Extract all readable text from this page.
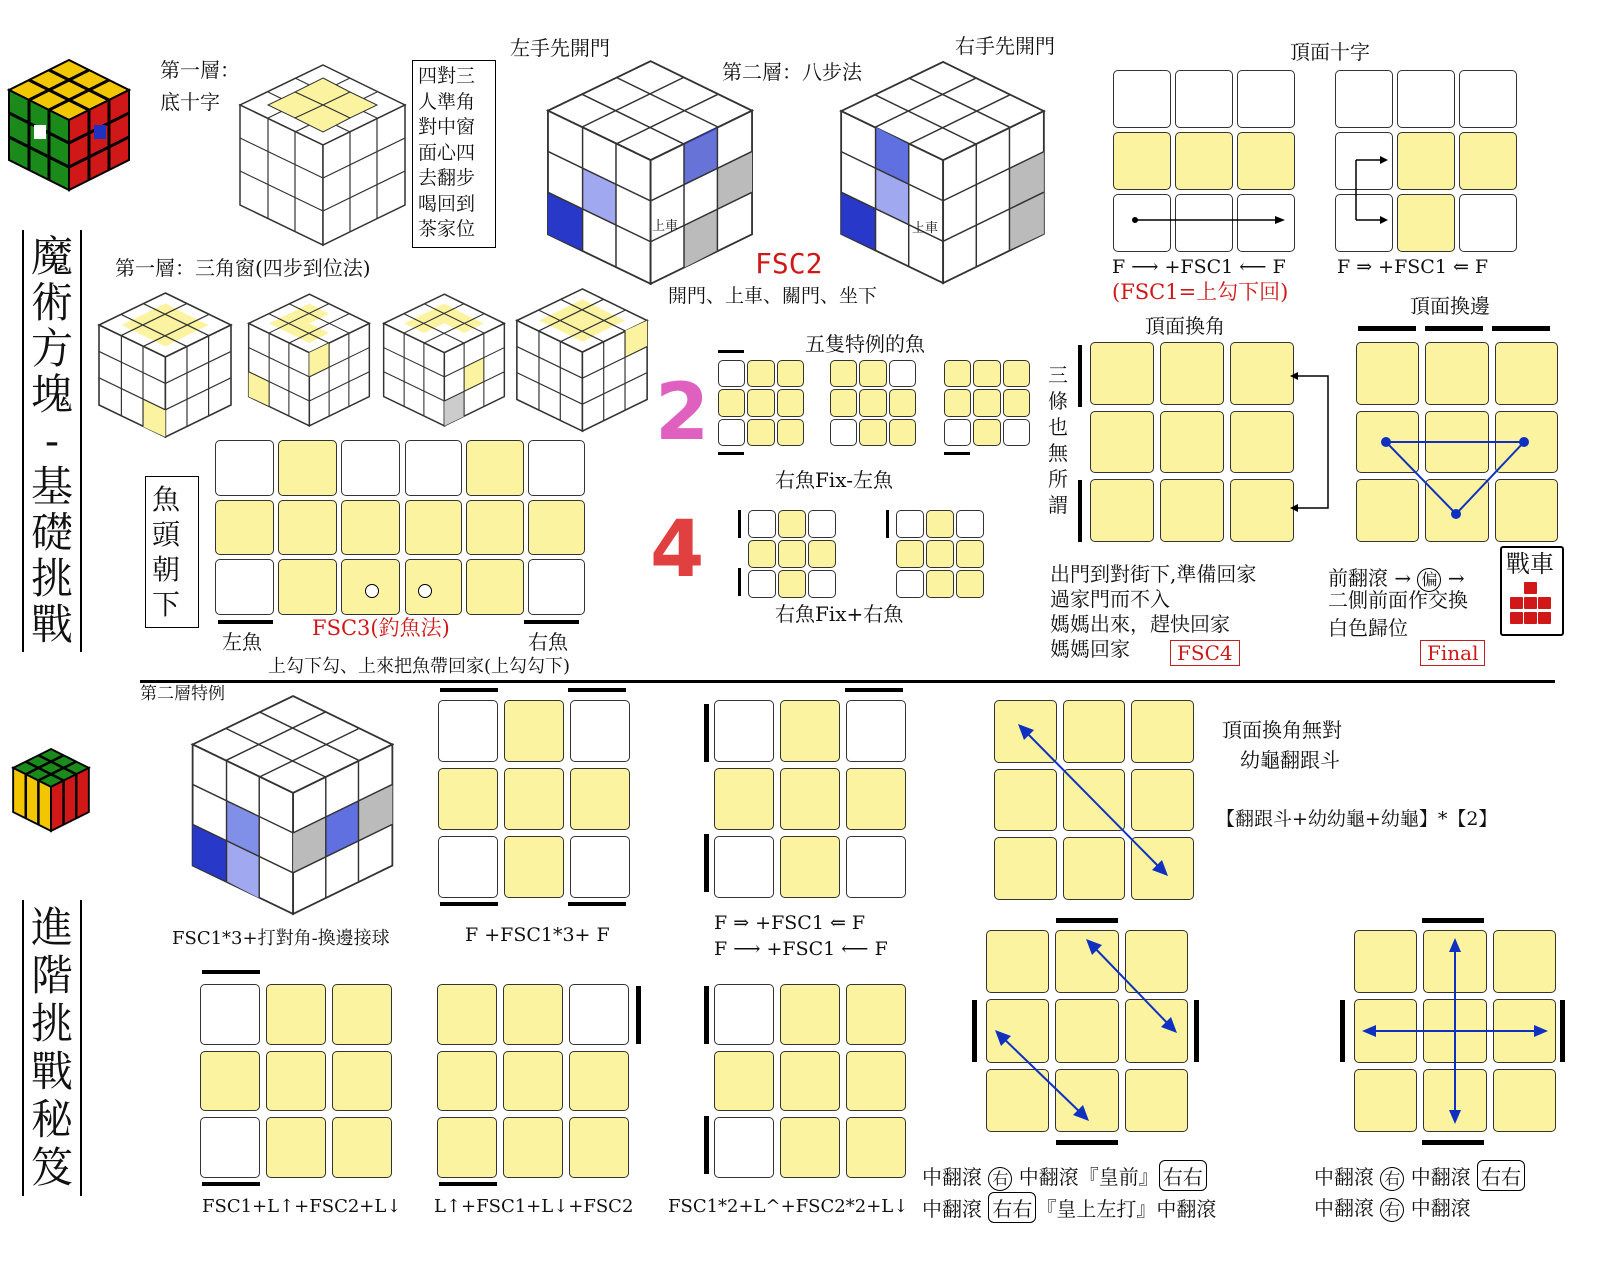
魔
術
方
塊
-
基
礎
挑
戰
進
階
挑
戰
秘
笈
第一層：
底十字
四對三
人準角
對中窗
面心四
去翻步
喝回到
茶家位
左手先開門
第二層：八步法
右手先開門
上車	上車
FSC2
開門、上車、關門、坐下
第一層：三角窗(四步到位法)
魚
頭
朝
下
左魚
FSC3(釣魚法)
右魚
上勾下勾、上來把魚帶回家(上勾勾下)
2
4
五隻特例的魚
右魚Fix-左魚
右魚Fix+右魚
頂面十字
F ⟶ +FSC1 ⟵ F	F ⇒ +FSC1 ⇐ F
(FSC1=上勾下回)
頂面換角
三
條
也
無
所
謂
出門到對街下,準備回家
過家門而不入
媽媽出來，趕快回家
媽媽回家	FSC4
頂面換邊
前翻滾 → 偏 →
二側前面作交換
白色歸位
戰車
Final
第二層特例
FSC1*3+打對角-換邊接球	F +FSC1*3+ F
F ⇒ +FSC1 ⇐ F
F ⟶ +FSC1 ⟵ F
頂面換角無對
幼龜翻跟斗
【翻跟斗+幼幼龜+幼龜】*【2】
FSC1+L↑+FSC2+L↓ L↑+FSC1+L↓+FSC2 FSC1*2+L^+FSC2*2+L↓
中翻滾 右 中翻滾『皇前』 右右
中翻滾 右右 『皇上左打』中翻滾
中翻滾 右 中翻滾 右右
中翻滾 右 中翻滾
